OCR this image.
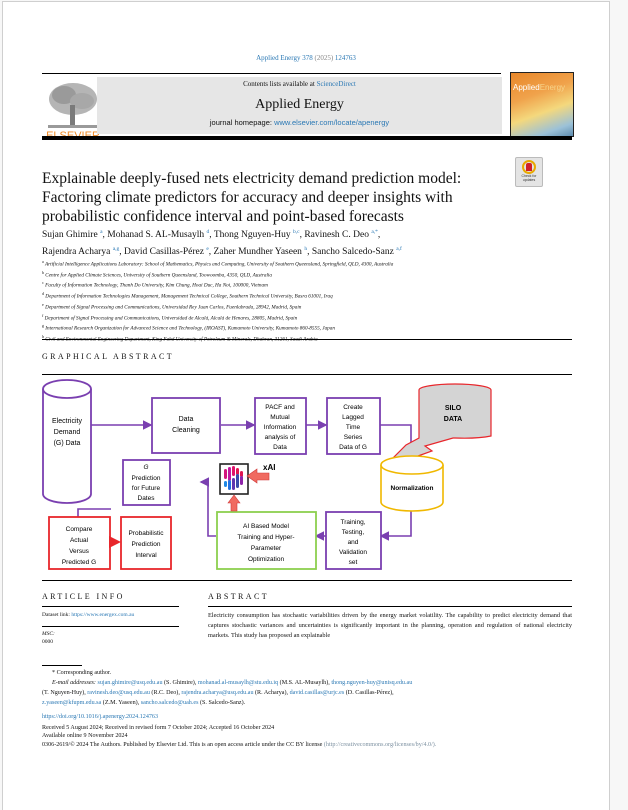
Applied Energy 378 (2025) 124763
Contents lists available at ScienceDirect
Applied Energy
journal homepage: www.elsevier.com/locate/apenergy
AppliedEnergy
Check for
updates
Explainable deeply-fused nets electricity demand prediction model:
Factoring climate predictors for accuracy and deeper insights with
probabilistic confidence interval and point-based forecasts
Sujan Ghimire $^a$, Mohanad S. AL-Musaylh $^d$, Thong Nguyen-Huy $^{b,c}$, Ravinesh C. Deo $^{a,*}$,
Rajendra Acharya $^{a,g}$, David Casillas-Pérez $^e$, Zaher Mundher Yaseen $^h$, Sancho Salcedo-Sanz $^{a,f}$
$^a$ Artificial Intelligence Applications Laboratory: School of Mathematics, Physics and Computing, University of Southern Queensland, Springfield, QLD, 4300, Australia
$^b$ Centre for Applied Climate Sciences, University of Southern Queensland, Toowoomba, 4350, QLD, Australia
$^c$ Faculty of Information Technology, Thanh Do University, Kim Chung, Hoai Duc, Ha Noi, 100000, Vietnam
$^d$ Department of Information Technologies Management, Management Technical College, Southern Technical University, Basra 61001, Iraq
$^e$ Department of Signal Processing and Communications, Universidad Rey Juan Carlos, Fuenlabrada, 28942, Madrid, Spain
$^f$ Department of Signal Processing and Communications, Universidad de Alcalá, Alcalá de Henares, 28805, Madrid, Spain
$^g$ International Research Organization for Advanced Science and Technology, (IROAST), Kumamoto University, Kumamoto 860-8555, Japan
$^h$
GRAPHICAL ABSTRACT
Electricity
Demand
(G) Data
Data
Cleaning
PACF and
Mutual
Information
analysis of
Data
Create
Lagged
Time
Series
Data of G
SILO
DATA
Normalization
Training,
Testing,
and
Validation
set
AI Based Model
Training and Hyper-
Parameter
Optimization
xAI
G
Prediction
for Future
Dates
Compare
Actual
Versus
Predicted G
Probabilistic
Prediction
Interval
ARTICLE INFO	ABSTRACT
Dataset link: https://www.energex.com.au
MSC:
0000
Electricity consumption has stochastic variabilities driven by the energy market volatility. The capability to predict electricity demand that captures stochastic variances and uncertainties is significantly important in the planning, operation and regulation of national electricity markets. This study has proposed an explainable
* Corresponding author.
E-mail addresses: sujan.ghimire@usq.edu.au (S. Ghimire), mohanad.al-musaylh@stu.edu.iq (M.S. AL-Musaylh), thong.nguyen-huy@unisq.edu.au
(T. Nguyen-Huy), ravinesh.deo@usq.edu.au (R.C. Deo), rajendra.acharya@usq.edu.au (R. Acharya), david.casillas@urjc.es (D. Casillas-Pérez),
z.yaseen@kfupm.edu.sa (Z.M. Yaseen), sancho.salcedo@uah.es (S. Salcedo-Sanz).
https://doi.org/10.1016/j.apenergy.2024.124763
Received 5 August 2024; Received in revised form 7 October 2024; Accepted 16 October 2024
Available online 9 November 2024
0306-2619/© 2024 The Authors. Published by Elsevier Ltd. This is an open access article under the CC BY license (http://creativecommons.org/licenses/by/4.0/).
